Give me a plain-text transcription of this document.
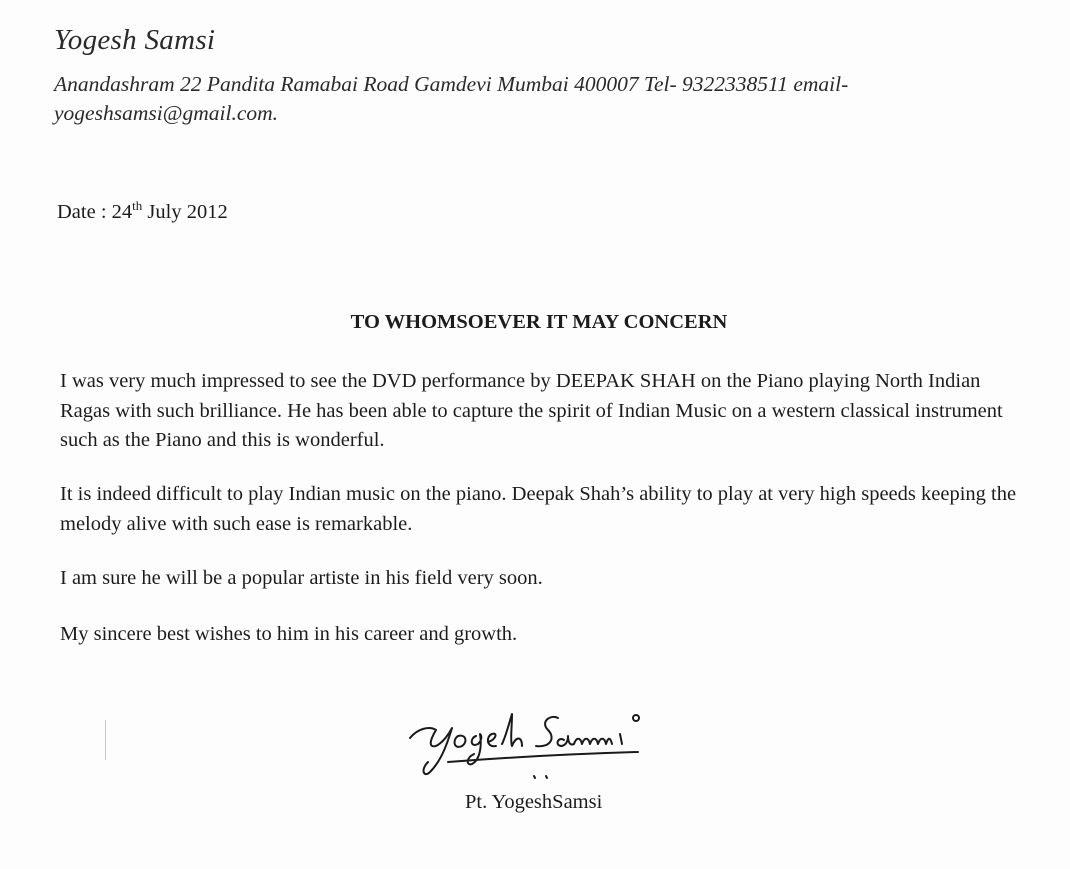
Yogesh Samsi
Anandashram 22 Pandita Ramabai Road Gamdevi Mumbai 400007 Tel- 9322338511 email-yogeshsamsi@gmail.com.
Date : 24th July 2012
TO WHOMSOEVER IT MAY CONCERN

I was very much impressed to see the DVD performance by DEEPAK SHAH on the Piano playing North Indian Ragas with such brilliance. He has been able to capture the spirit of Indian Music on a western classical instrument such as the Piano and this is wonderful.

It is indeed difficult to play Indian music on the piano. Deepak Shah’s ability to play at very high speeds keeping the melody alive with such ease is remarkable.

I am sure he will be a popular artiste in his field very soon.

My sincere best wishes to him in his career and growth.

Pt. YogeshSamsi
